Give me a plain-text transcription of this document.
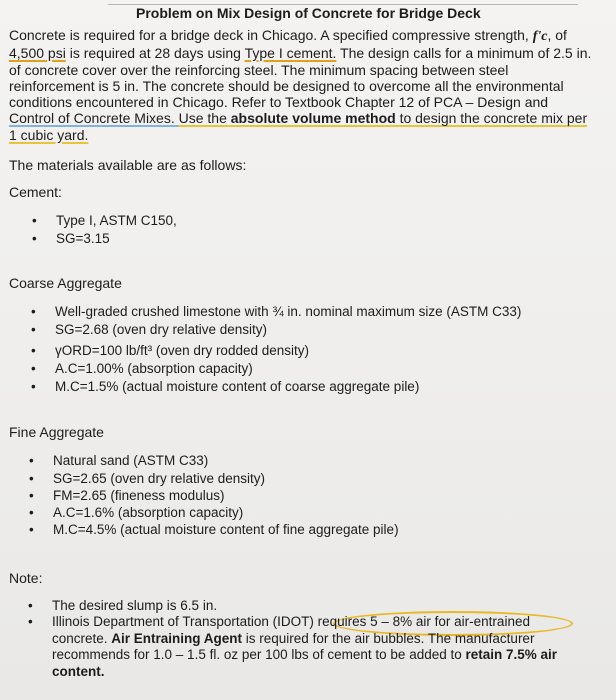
Problem on Mix Design of Concrete for Bridge Deck
Concrete is required for a bridge deck in Chicago. A specified compressive strength, f'c, of
4,500 psi is required at 28 days using Type I cement. The design calls for a minimum of 2.5 in.
of concrete cover over the reinforcing steel. The minimum spacing between steel
reinforcement is 5 in. The concrete should be designed to overcome all the environmental
conditions encountered in Chicago. Refer to Textbook Chapter 12 of PCA – Design and
Control of Concrete Mixes. Use the absolute volume method to design the concrete mix per
1 cubic yard.
The materials available are as follows:
Cement:
• Type I, ASTM C150,
• SG=3.15
Coarse Aggregate
• Well-graded crushed limestone with ¾ in. nominal maximum size (ASTM C33)
• SG=2.68 (oven dry relative density)
• γORD=100 lb/ft³ (oven dry rodded density)
• A.C=1.00% (absorption capacity)
• M.C=1.5% (actual moisture content of coarse aggregate pile)
Fine Aggregate
• Natural sand (ASTM C33)
• SG=2.65 (oven dry relative density)
• FM=2.65 (fineness modulus)
• A.C=1.6% (absorption capacity)
• M.C=4.5% (actual moisture content of fine aggregate pile)
Note:
• The desired slump is 6.5 in.
• Illinois Department of Transportation (IDOT) requires 5 – 8% air for air-entrained
concrete. Air Entraining Agent is required for the air bubbles. The manufacturer
recommends for 1.0 – 1.5 fl. oz per 100 lbs of cement to be added to retain 7.5% air
content.
